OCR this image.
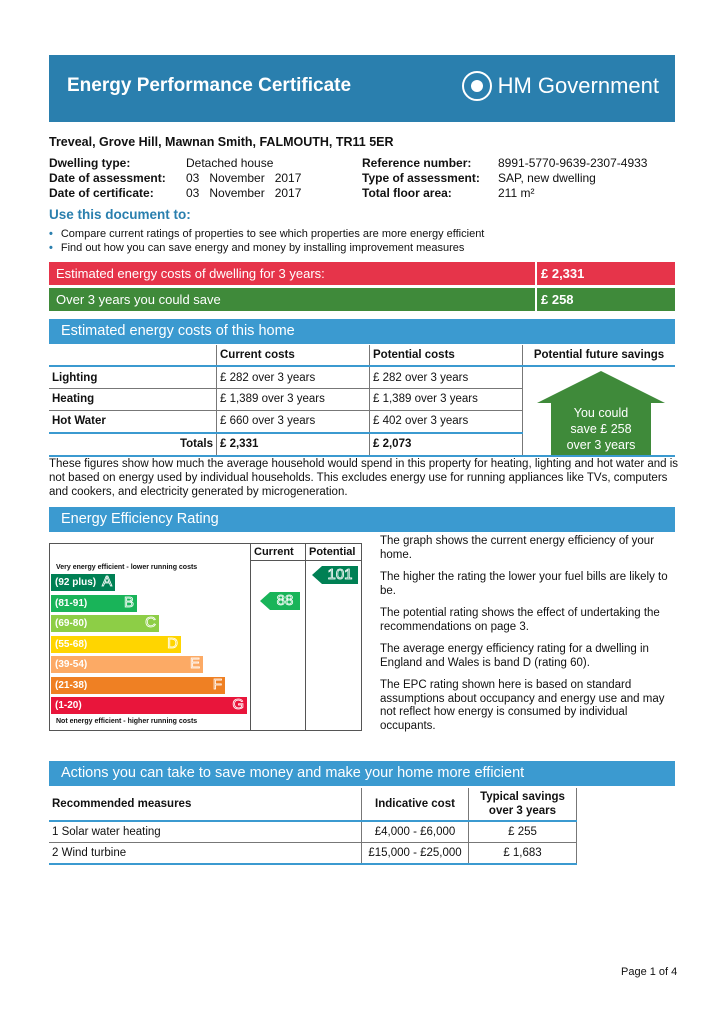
Energy Performance Certificate	HM Government
Treveal, Grove Hill, Mawnan Smith, FALMOUTH, TR11 5ER
Dwelling type:	Detached house
Date of assessment: 03   November   2017
Date of certificate:	03   November   2017
Reference number: 8991-5770-9639-2307-4933
Type of assessment: SAP, new dwelling
Total floor area:	211 m²
Use this document to:
• Compare current ratings of properties to see which properties are more energy efficient
• Find out how you can save energy and money by installing improvement measures
Estimated energy costs of dwelling for 3 years:	£ 2,331
Over 3 years you could save	£ 258
Estimated energy costs of this home
	Current costs	Potential costs	Potential future savings
Lighting	£ 282 over 3 years	£ 282 over 3 years	You could
save £ 258
over 3 years

Heating	£ 1,389 over 3 years	£ 1,389 over 3 years	
Hot Water	£ 660 over 3 years	£ 402 over 3 years	
Totals	£ 2,331	£ 2,073	
These figures show how much the average household would spend in this property for heating, lighting and hot water and is not based on energy used by individual households. This excludes energy use for running appliances like TVs, computers and cookers, and electricity generated by microgeneration.
Energy Efficiency Rating
Current Potential
Very energy efficient - lower running costs
Not energy efficient - higher running costs
(92 plus) A
(81-91) B
(69-80)	C
(55-68)	D
(39-54)	E
(21-38)	F
(1-20)	G
88
101
The graph shows the current energy efficiency of your home.
The higher the rating the lower your fuel bills are likely to be.
The potential rating shows the effect of undertaking the recommendations on page 3.
The average energy efficiency rating for a dwelling in England and Wales is band D (rating 60).
The EPC rating shown here is based on standard assumptions about occupancy and energy use and may not reflect how energy is consumed by individual occupants.
Actions you can take to save money and make your home more efficient
Recommended measures	Indicative cost	Typical savings over 3 years
1 Solar water heating	£4,000 - £6,000	£ 255
2 Wind turbine	£15,000 - £25,000	£ 1,683
Page 1 of 4
